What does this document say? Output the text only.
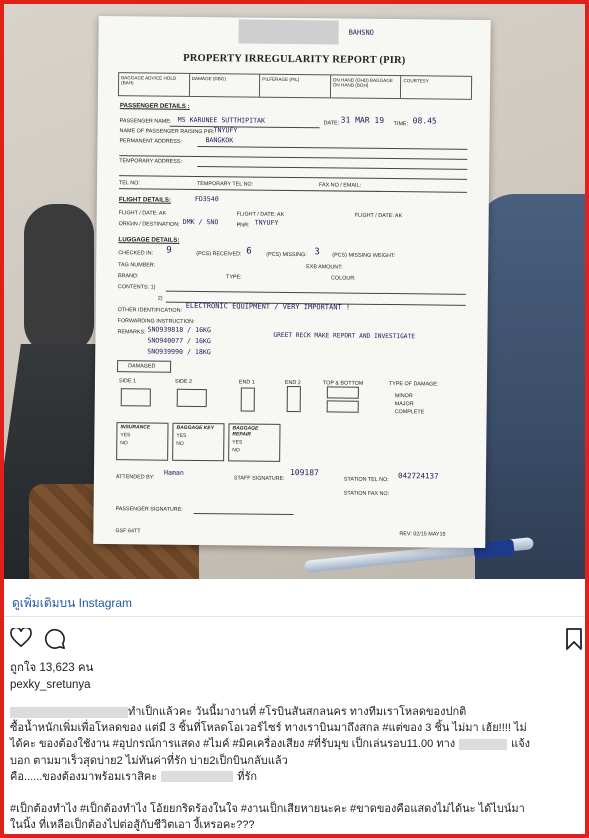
BAHSNO
PROPERTY IRREGULARITY REPORT (PIR)
BAGGAGE ADVICE HOLD (BAH)
DAMAGE (DBG)	PILFERAGE (PIL)	ON HAND (OHD) BAGGAGE ON HAND (BOH)
COURTESY
PASSENGER DETAILS :
PASSENGER NAME: MS KARUNEE SUTTHIPITAK	DATE: 31 MAR 19 TIME: 08.45
NAME OF PASSENGER RAISING PIR: TNYUFY
PERMANENT ADDRESS:	BANGKOK
TEMPORARY ADDRESS:
TEL NO:	TEMPORARY TEL NO:	FAX NO / EMAIL:
FLIGHT DETAILS:	FD3540
FLIGHT / DATE: AK	FLIGHT / DATE: AK	FLIGHT / DATE: AK
ORIGIN / DESTINATION: DMK / SNO	PNR: TNYUFY
LUGGAGE DETAILS:
CHECKED IN: 9	(PCS) RECEIVED: 6	(PCS) MISSING: 3 (PCS) MISSING WEIGHT:
TAG NUMBER:	EXB AMOUNT:
BRAND:	TYPE:	COLOUR:
CONTENTS: 1)
2)
OTHER IDENTIFICATION: ELECTRONIC EQUIPMENT / VERY IMPORTANT !
FORWARDING INSTRUCTION:
REMARKS: SNO939818 / 16KG
SNO940077 / 16KG
SNO939990 / 18KG
GREET RECK MAKE REPORT AND INVESTIGATE
DAMAGED
SIDE 1	SIDE 2	END 1	END 2	TOP & BOTTOM	TYPE OF DAMAGE:
MINOR
MAJOR
COMPLETE
INSURANCE
YES
NO
BAGGAGE KEY
YES
NO
BAGGAGE REPAIR
YES
NO
ATTENDED BY:
Haman
STAFF SIGNATURE:
109187
STATION TEL NO: 042724137
STATION FAX NO:
PASSENGER SIGNATURE:
GSF 64TT	REV: 02/15 MAY15
ดูเพิ่มเติมบน Instagram
ถูกใจ 13,623 คน
pexky_sretunya
ทำเป็กแล้วคะ วันนี้มางานที่ #โรบินสันสกลนคร ทางทีมเราโหลดของปกติ
ซื้อน้ำหนักเพิ่มเพื่อโหลดของ แต่มี 3 ชิ้นที่โหลดโอเวอร์ไซร์ ทางเราบินมาถึงสกล #แต่ของ 3 ชิ้น ไม่มา เฮ้ย!!!! ไม่
ได้คะ ของต้องใช้งาน #อุปกรณ์การแสดง #ไมค์ #มิคเครื่องเสียง #ที่รับมุข เป็กเล่นรอบ11.00 ทาง	แจ้ง
บอก ตามมาเร็วสุดบ่าย2 ไม่ทันค่าที่รัก บ่าย2เป็กบินกลับแล้ว
คือ......ของต้องมาพร้อมเราสิคะ	ที่รัก
#เป็กต้องทำไง #เป็กต้องทำไง โอ้ยยกริดร้องในใจ #งานเป็กเสียหายนะคะ #ขาดของคือแสดงไม่ได้นะ ได้ไบน์มา
ในนิ้ง ที่เหลือเป็กต้องไปต่อสู้กับชีวิตเอา งี้เหรอคะ???
